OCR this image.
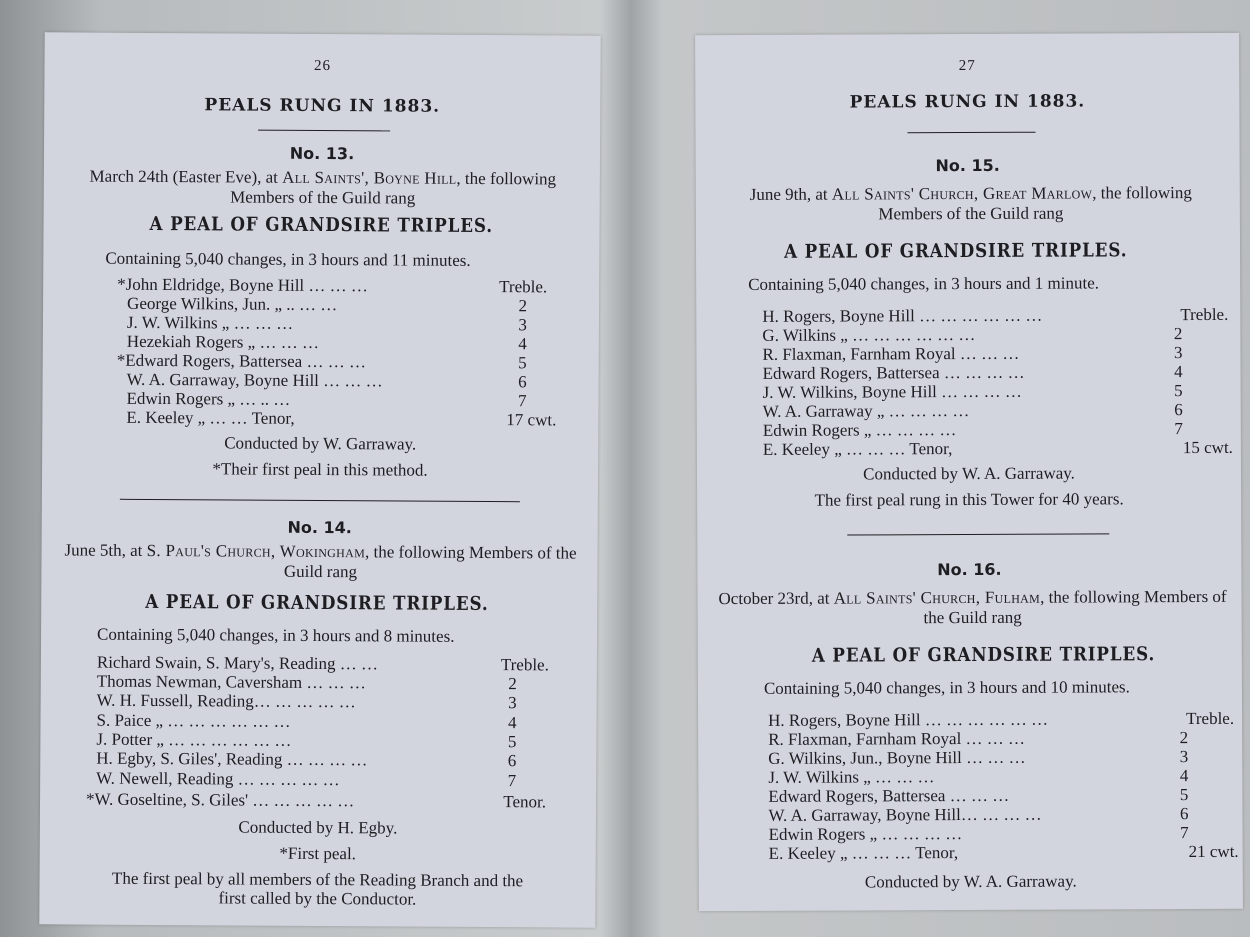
26
PEALS RUNG IN 1883.
No. 13.
March 24th (Easter Eve), at All Saints', Boyne Hill, the following Members of the Guild rang
A PEAL OF GRANDSIRE TRIPLES.
Containing 5,040 changes, in 3 hours and 11 minutes.
*John Eldridge, Boyne Hill … … …	Treble.
George Wilkins, Jun. „ .. … …	2
J. W. Wilkins „ … … …	3
Hezekiah Rogers „ … … …	4
*Edward Rogers, Battersea … … …	5
W. A. Garraway, Boyne Hill … … …	6
Edwin Rogers „ … .. …	7
E. Keeley „ … … Tenor,	17 cwt.
Conducted by W. Garraway.
*Their first peal in this method.
No. 14.
June 5th, at S. Paul's Church, Wokingham, the following Members of the Guild rang
A PEAL OF GRANDSIRE TRIPLES.
Containing 5,040 changes, in 3 hours and 8 minutes.
Richard Swain, S. Mary's, Reading … …	Treble.
Thomas Newman, Caversham … … …	2
W. H. Fussell, Reading… … … … …	3
S. Paice „ … … … … … …	4
J. Potter „ … … … … … …	5
H. Egby, S. Giles', Reading … … … …	6
W. Newell, Reading … … … … …	7
*W. Goseltine, S. Giles' … … … … …	Tenor.
Conducted by H. Egby.
*First peal.
The first peal by all members of the Reading Branch and the
first called by the Conductor.
27
PEALS RUNG IN 1883.
No. 15.
June 9th, at All Saints' Church, Great Marlow, the following Members of the Guild rang
A PEAL OF GRANDSIRE TRIPLES.
Containing 5,040 changes, in 3 hours and 1 minute.
H. Rogers, Boyne Hill … … … … … …	Treble.
G. Wilkins „ … … … … … …	2
R. Flaxman, Farnham Royal … … …	3
Edward Rogers, Battersea … … … …	4
J. W. Wilkins, Boyne Hill … … … …	5
W. A. Garraway „ … … … …	6
Edwin Rogers „ … … … …	7
E. Keeley „ … … … Tenor,	15 cwt.
Conducted by W. A. Garraway.
The first peal rung in this Tower for 40 years.
No. 16.
October 23rd, at All Saints' Church, Fulham, the following Members of the Guild rang
A PEAL OF GRANDSIRE TRIPLES.
Containing 5,040 changes, in 3 hours and 10 minutes.
H. Rogers, Boyne Hill … … … … … …	Treble.
R. Flaxman, Farnham Royal … … …	2
G. Wilkins, Jun., Boyne Hill … … …	3
J. W. Wilkins „ … … …	4
Edward Rogers, Battersea … … …	5
W. A. Garraway, Boyne Hill… … … …	6
Edwin Rogers „ … … … …	7
E. Keeley „ … … … Tenor,	21 cwt.
Conducted by W. A. Garraway.
